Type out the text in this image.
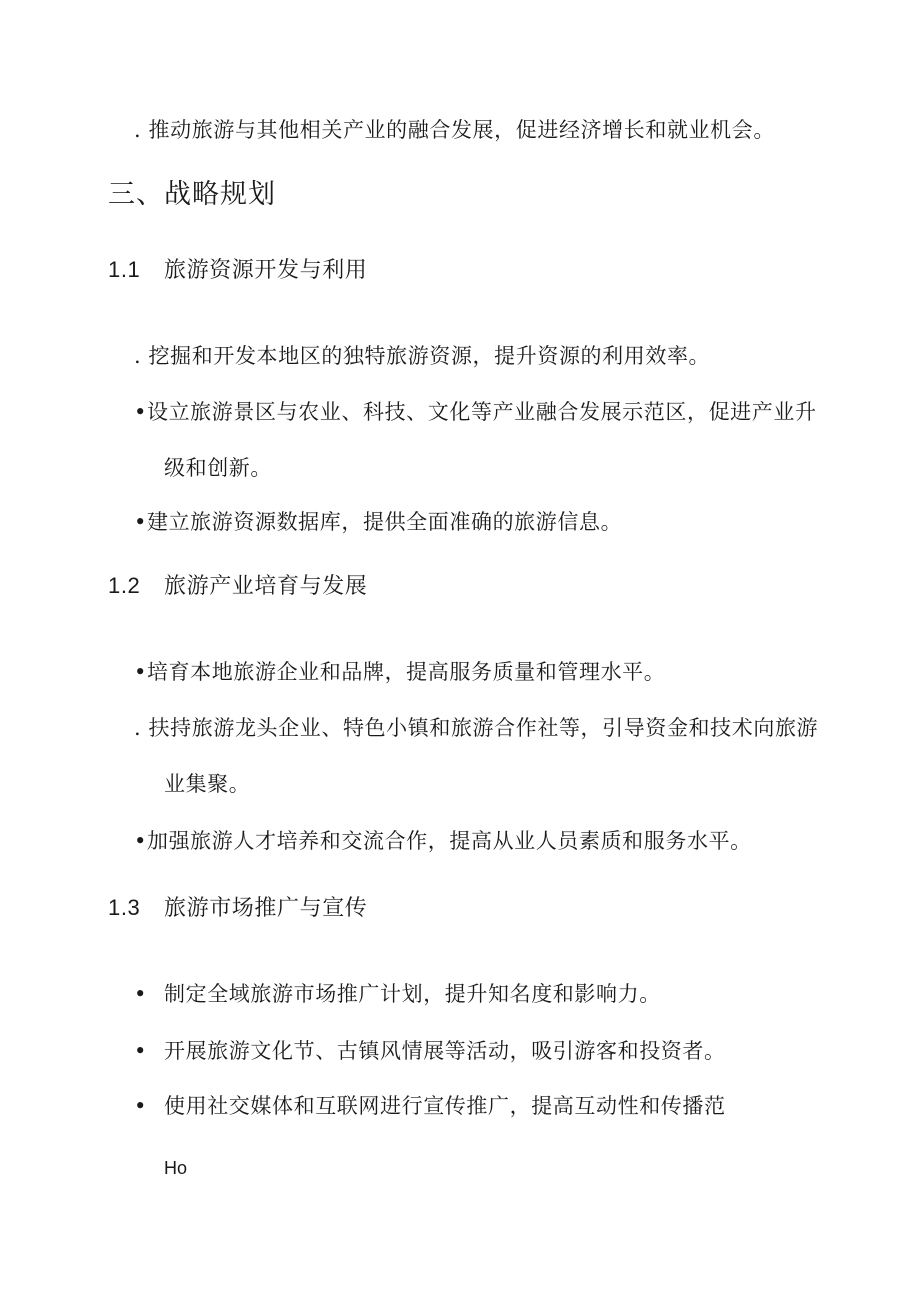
. 推动旅游与其他相关产业的融合发展，促进经济增长和就业机会。
三、战略规划
1.1 旅游资源开发与利用
. 挖掘和开发本地区的独特旅游资源，提升资源的利用效率。
•设立旅游景区与农业、科技、文化等产业融合发展示范区，促进产业升
级和创新。
•建立旅游资源数据库，提供全面准确的旅游信息。
1.2 旅游产业培育与发展
•培育本地旅游企业和品牌，提高服务质量和管理水平。
. 扶持旅游龙头企业、特色小镇和旅游合作社等，引导资金和技术向旅游
业集聚。
•加强旅游人才培养和交流合作，提高从业人员素质和服务水平。
1.3 旅游市场推广与宣传
• 制定全域旅游市场推广计划，提升知名度和影响力。
• 开展旅游文化节、古镇风情展等活动，吸引游客和投资者。
• 使用社交媒体和互联网进行宣传推广，提高互动性和传播范
Ho
